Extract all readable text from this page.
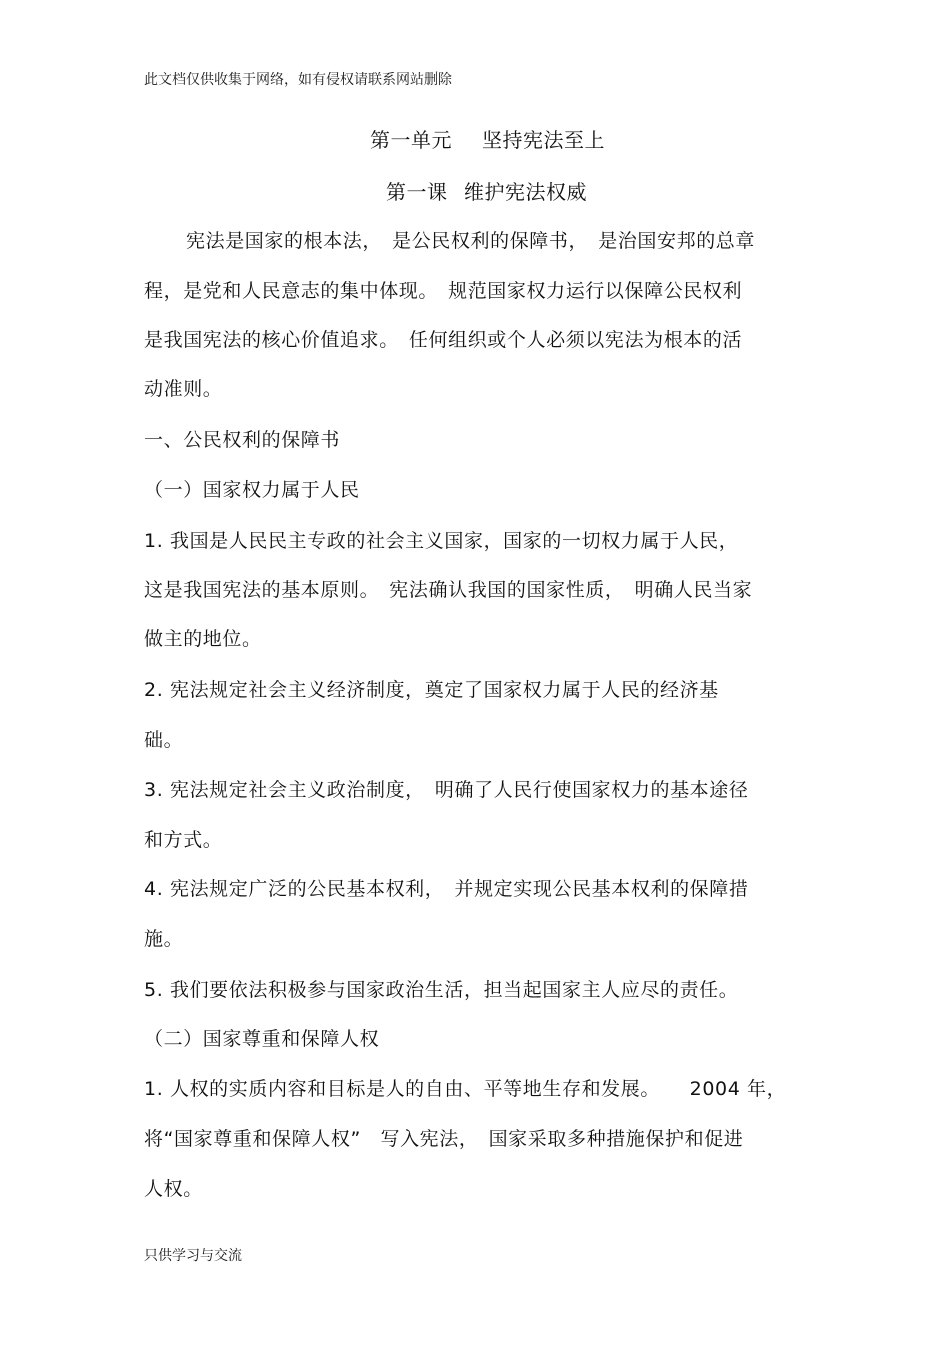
此文档仅供收集于网络，如有侵权请联系网站删除
第一单元 坚持宪法至上
第一课 维护宪法权威
宪法是国家的根本法，　是公民权利的保障书，　是治国安邦的总章
程，是党和人民意志的集中体现。　规范国家权力运行以保障公民权利
是我国宪法的核心价值追求。　任何组织或个人必须以宪法为根本的活
动准则。
一、公民权利的保障书
（一）国家权力属于人民
1. 我国是人民民主专政的社会主义国家，国家的一切权力属于人民，
这是我国宪法的基本原则。　宪法确认我国的国家性质，　明确人民当家
做主的地位。
2. 宪法规定社会主义经济制度，奠定了国家权力属于人民的经济基
础。
3. 宪法规定社会主义政治制度，　明确了人民行使国家权力的基本途径
和方式。
4. 宪法规定广泛的公民基本权利，　并规定实现公民基本权利的保障措
施。
5. 我们要依法积极参与国家政治生活，担当起国家主人应尽的责任。
（二）国家尊重和保障人权
1. 人权的实质内容和目标是人的自由、平等地生存和发展。　　2004 年，
将“国家尊重和保障人权”　写入宪法，　国家采取多种措施保护和促进
人权。
只供学习与交流
